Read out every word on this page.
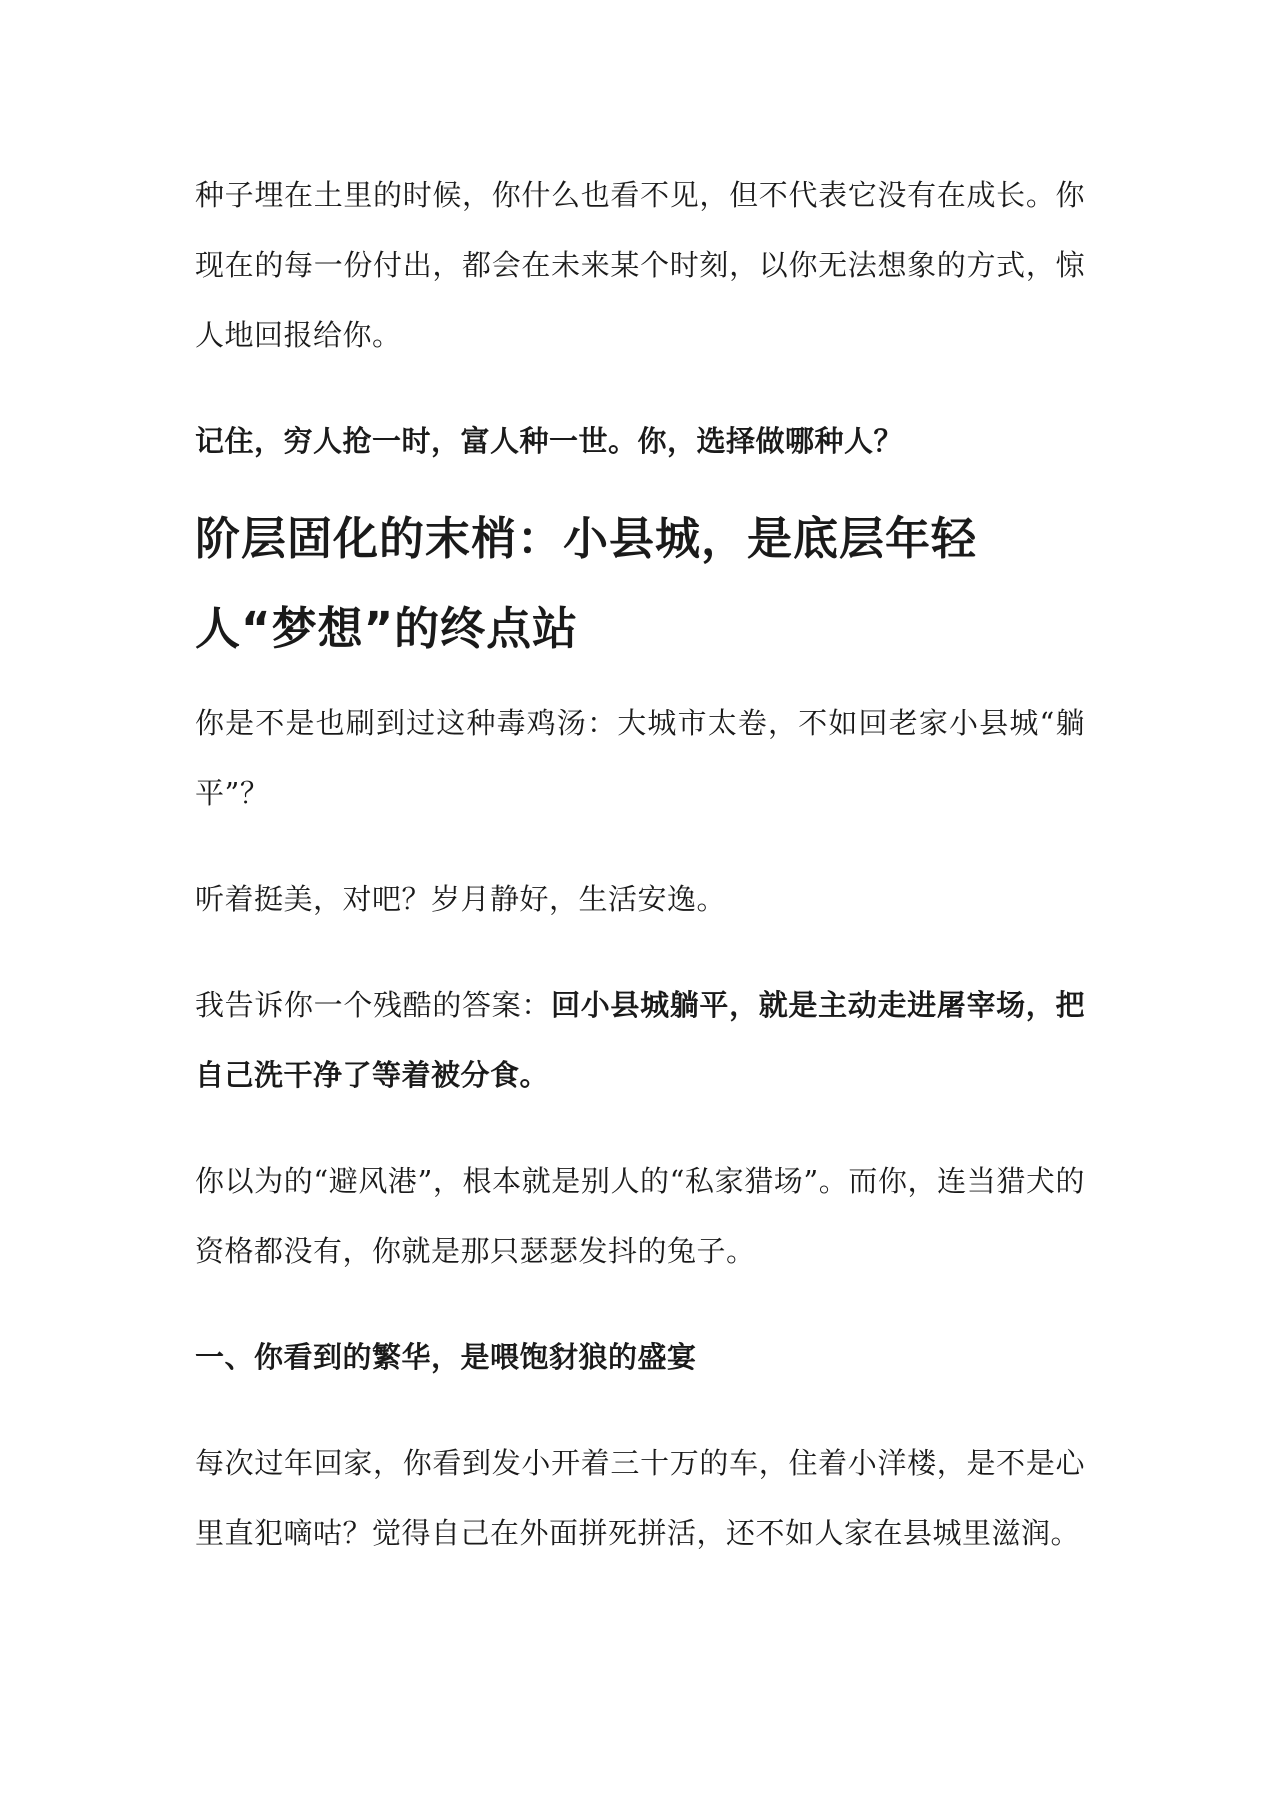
种子埋在土里的时候，你什么也看不见，但不代表它没有在成长。你现在的每一份付出，都会在未来某个时刻，以你无法想象的方式，惊人地回报给你。

记住，穷人抢一时，富人种一世。你，选择做哪种人？

阶层固化的末梢：小县城，是底层年轻人“梦想”的终点站

你是不是也刷到过这种毒鸡汤：大城市太卷，不如回老家小县城“躺平”？

听着挺美，对吧？岁月静好，生活安逸。

我告诉你一个残酷的答案：回小县城躺平，就是主动走进屠宰场，把自己洗干净了等着被分食。

你以为的“避风港”，根本就是别人的“私家猎场”。而你，连当猎犬的资格都没有，你就是那只瑟瑟发抖的兔子。

一、你看到的繁华，是喂饱豺狼的盛宴

每次过年回家，你看到发小开着三十万的车，住着小洋楼，是不是心里直犯嘀咕？觉得自己在外面拼死拼活，还不如人家在县城里滋润。
